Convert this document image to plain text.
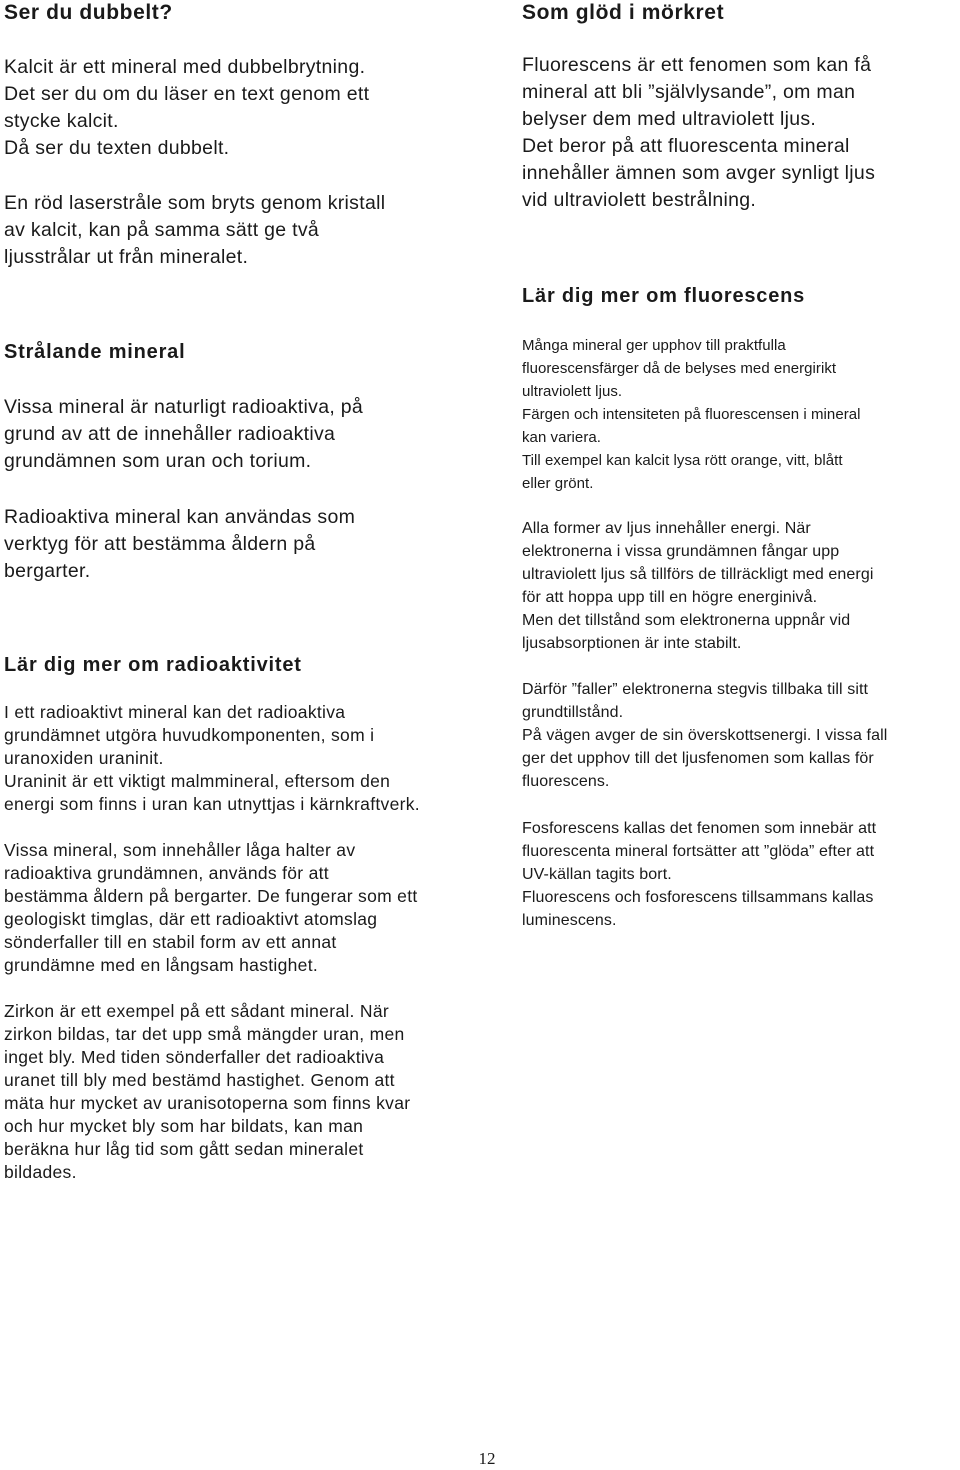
Ser du dubbelt?

Kalcit är ett mineral med dubbelbrytning.

Det ser du om du läser en text genom ett

stycke kalcit.

Då ser du texten dubbelt.

En röd laserstråle som bryts genom kristall

av kalcit, kan på samma sätt ge två

ljusstrålar ut från mineralet.

Strålande mineral

Vissa mineral är naturligt radioaktiva, på

grund av att de innehåller radioaktiva

grundämnen som uran och torium.

Radioaktiva mineral kan användas som

verktyg för att bestämma åldern på

bergarter.

Lär dig mer om radioaktivitet

I ett radioaktivt mineral kan det radioaktiva

grundämnet utgöra huvudkomponenten, som i

uranoxiden uraninit.

Uraninit är ett viktigt malmmineral, eftersom den

energi som finns i uran kan utnyttjas i kärnkraftverk.

Vissa mineral, som innehåller låga halter av

radioaktiva grundämnen, används för att

bestämma åldern på bergarter. De fungerar som ett

geologiskt timglas, där ett radioaktivt atomslag

sönderfaller till en stabil form av ett annat

grundämne med en långsam hastighet.

Zirkon är ett exempel på ett sådant mineral. När

zirkon bildas, tar det upp små mängder uran, men

inget bly. Med tiden sönderfaller det radioaktiva

uranet till bly med bestämd hastighet. Genom att

mäta hur mycket av uranisotoperna som finns kvar

och hur mycket bly som har bildats, kan man

beräkna hur låg tid som gått sedan mineralet

bildades.

Som glöd i mörkret

Fluorescens är ett fenomen som kan få

mineral att bli ”självlysande”, om man

belyser dem med ultraviolett ljus.

Det beror på att fluorescenta mineral

innehåller ämnen som avger synligt ljus

vid ultraviolett bestrålning.

Lär dig mer om fluorescens

Många mineral ger upphov till praktfulla

fluorescensfärger då de belyses med energirikt

ultraviolett ljus.

Färgen och intensiteten på fluorescensen i mineral

kan variera.

Till exempel kan kalcit lysa rött orange, vitt, blått

eller grönt.

Alla former av ljus innehåller energi. När

elektronerna i vissa grundämnen fångar upp

ultraviolett ljus så tillförs de tillräckligt med energi

för att hoppa upp till en högre energinivå.

Men det tillstånd som elektronerna uppnår vid

ljusabsorptionen är inte stabilt.

Därför ”faller” elektronerna stegvis tillbaka till sitt

grundtillstånd.

På vägen avger de sin överskottsenergi. I vissa fall

ger det upphov till det ljusfenomen som kallas för

fluorescens.

Fosforescens kallas det fenomen som innebär att

fluorescenta mineral fortsätter att ”glöda” efter att

UV-källan tagits bort.

Fluorescens och fosforescens tillsammans kallas

luminescens.

12
